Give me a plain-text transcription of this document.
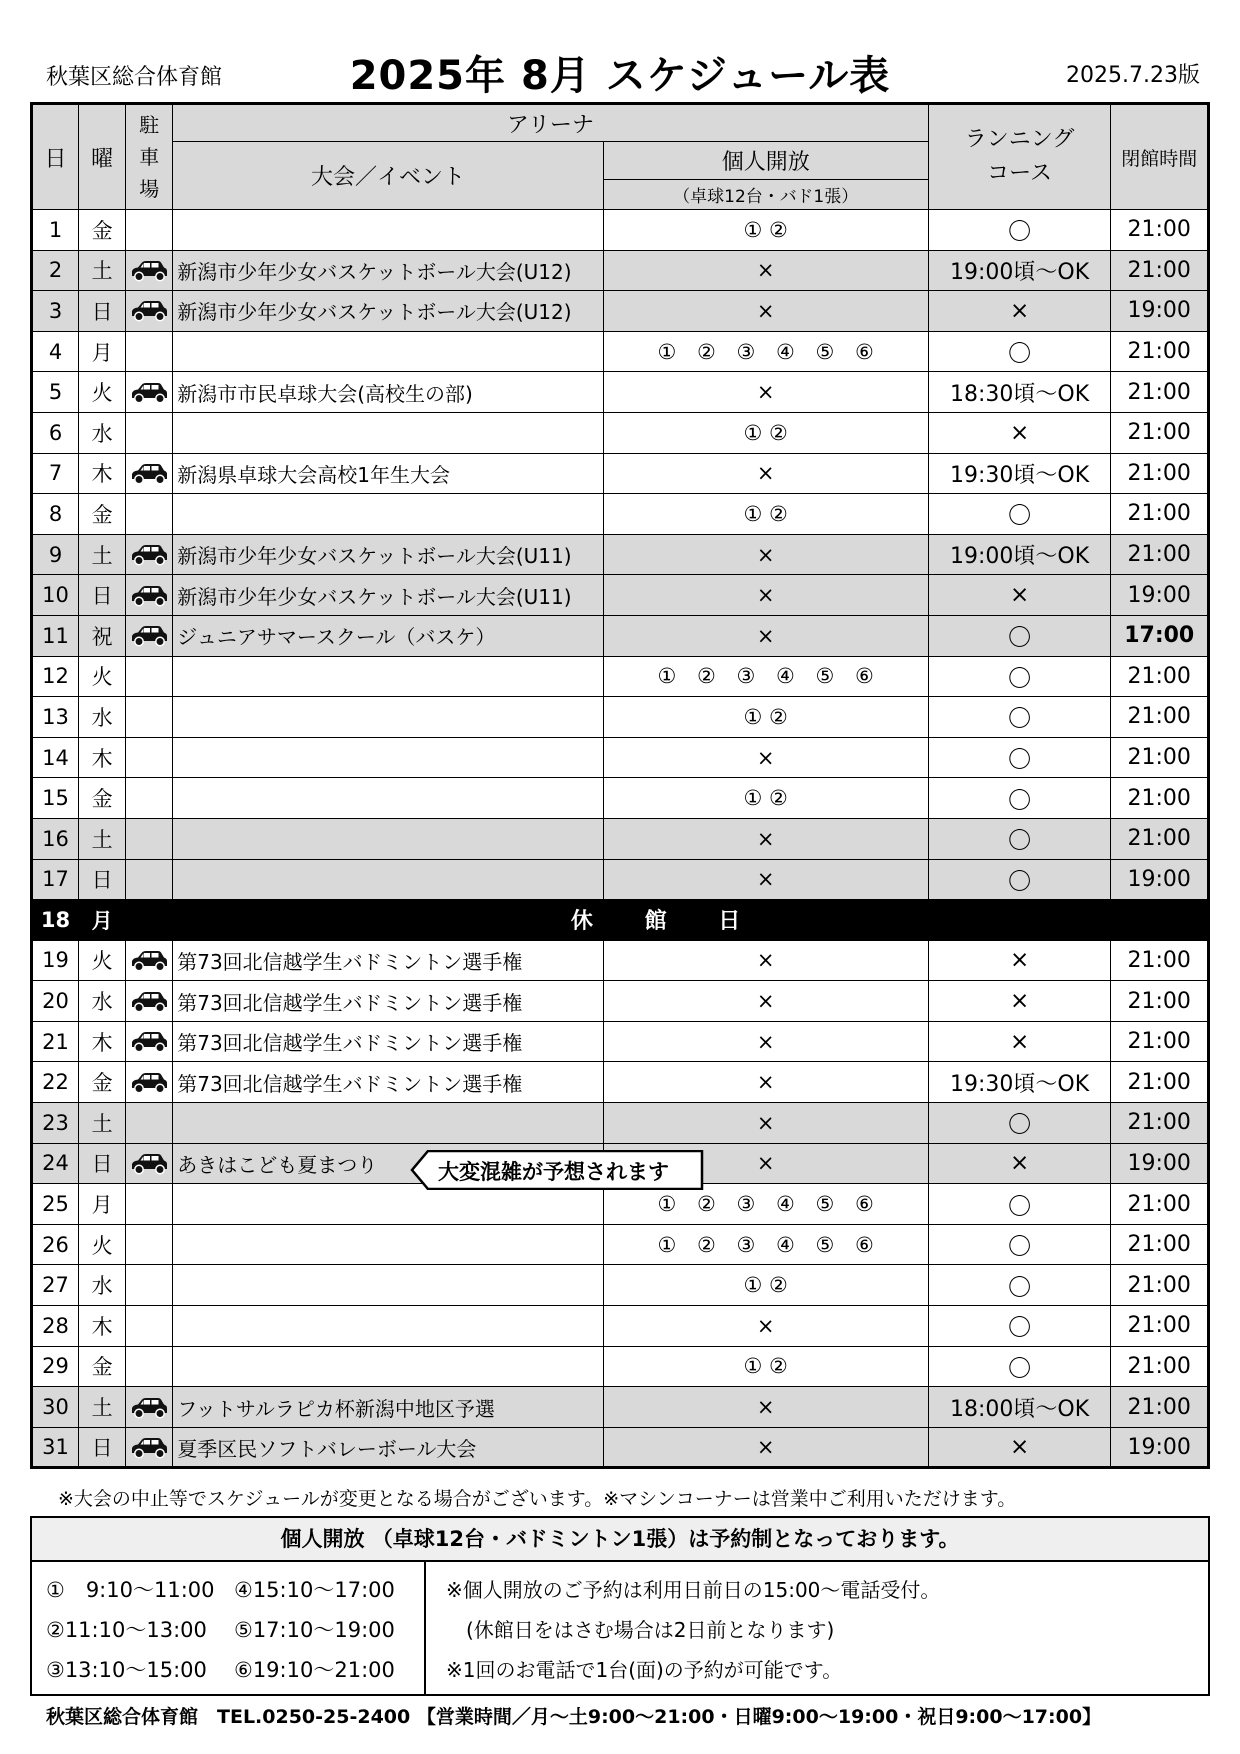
秋葉区総合体育館	2025年 8月 スケジュール表	2025.7.23版
日	曜	駐
車
場	アリーナ		ランニング
コース	閉館時間
			大会／イベント	個人開放		
				（卓球12台・バド1張）		
1	金			① ②	〇	21:00
2	土		新潟市少年少女バスケットボール大会(U12)	×	19:00頃～OK	21:00
3	日		新潟市少年少女バスケットボール大会(U12)	×	×	19:00
4	月			① ② ③ ④ ⑤ ⑥	〇	21:00
5	火		新潟市市民卓球大会(高校生の部)	×	18:30頃～OK	21:00
6	水			① ②	×	21:00
7	木		新潟県卓球大会高校1年生大会	×	19:30頃～OK	21:00
8	金			① ②	〇	21:00
9	土		新潟市少年少女バスケットボール大会(U11)	×	19:00頃～OK	21:00
10	日		新潟市少年少女バスケットボール大会(U11)	×	×	19:00
11	祝		ジュニアサマースクール（バスケ）	×	〇	17:00
12	火			① ② ③ ④ ⑤ ⑥	〇	21:00
13	水			① ②	〇	21:00
14	木			×	〇	21:00
15	金			① ②	〇	21:00
16	土			×	〇	21:00
17	日			×	〇	19:00
18	月	休 館 日				
19	火		第73回北信越学生バドミントン選手権	×	×	21:00
20	水		第73回北信越学生バドミントン選手権	×	×	21:00
21	木		第73回北信越学生バドミントン選手権	×	×	21:00
22	金		第73回北信越学生バドミントン選手権	×	19:30頃～OK	21:00
23	土			×	〇	21:00
24	日		あきはこども夏まつり	×	×	19:00
25	月			① ② ③ ④ ⑤ ⑥	〇	21:00
26	火			① ② ③ ④ ⑤ ⑥	〇	21:00
27	水			① ②	〇	21:00
28	木			×	〇	21:00
29	金			① ②	〇	21:00
30	土		フットサルラピカ杯新潟中地区予選	×	18:00頃～OK	21:00
31	日		夏季区民ソフトバレーボール大会	×	×	19:00
大変混雑が予想されます
※大会の中止等でスケジュールが変更となる場合がございます。※マシンコーナーは営業中ご利用いただけます。
個人開放 （卓球12台・バドミントン1張）は予約制となっております。
①　9:10～11:00 ④15:10～17:00
②11:10～13:00 ⑤17:10～19:00
③13:10～15:00 ⑥19:10～21:00
※個人開放のご予約は利用日前日の15:00～電話受付。
　(休館日をはさむ場合は2日前となります)
※1回のお電話で1台(面)の予約が可能です。
秋葉区総合体育館　TEL.0250-25-2400 【営業時間／月～土9:00～21:00・日曜9:00～19:00・祝日9:00～17:00】
